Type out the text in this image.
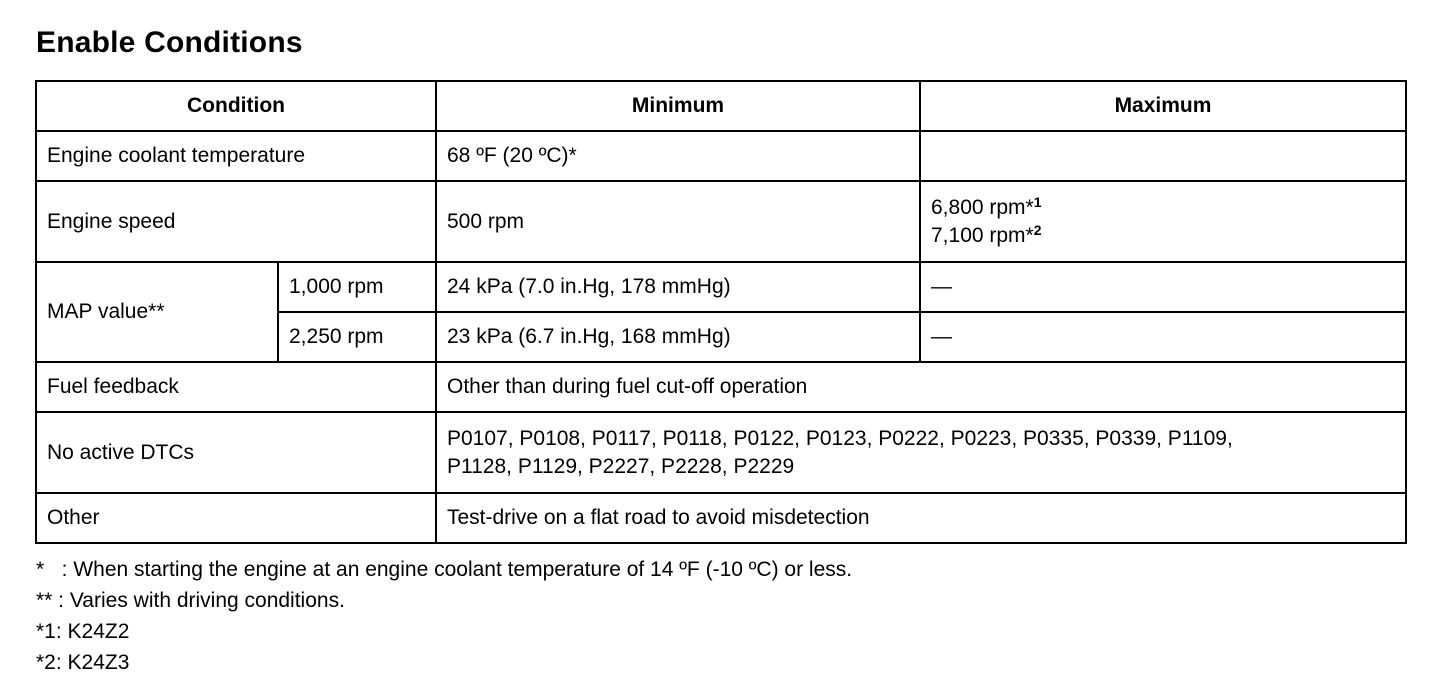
Enable Conditions
Condition		Minimum	Maximum
Engine coolant temperature		68 ºF (20 ºC)*	
Engine speed		500 rpm	6,800 rpm*$^1$
7,100 rpm*$^2$

MAP value**	1,000 rpm	24 kPa (7.0 in.Hg, 178 mmHg)	—
	2,250 rpm	23 kPa (6.7 in.Hg, 168 mmHg)	—
Fuel feedback		Other than during fuel cut-off operation	
No active DTCs		P0107, P0108, P0117, P0118, P0122, P0123, P0222, P0223, P0335, P0339, P1109,
P1128, P1129, P2227, P2228, P2229	

Other		Test-drive on a flat road to avoid misdetection	
*   : When starting the engine at an engine coolant temperature of 14 ºF (-10 ºC) or less.
** : Varies with driving conditions.
*1: K24Z2
*2: K24Z3
